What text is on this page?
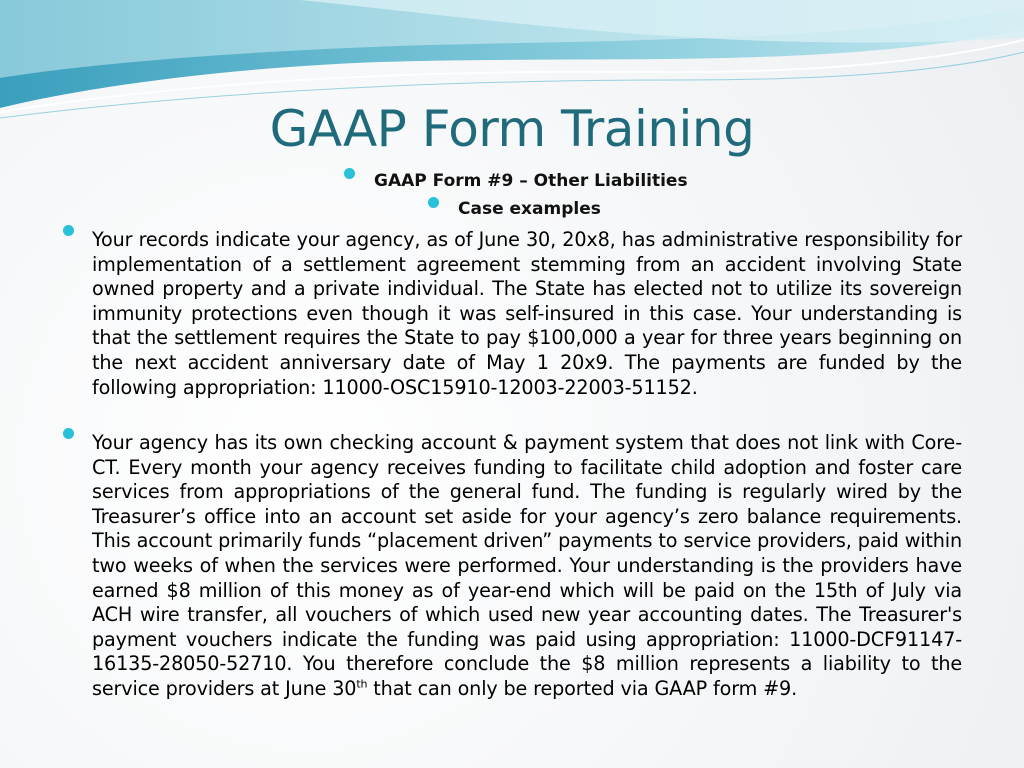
GAAP Form Training
GAAP Form #9 – Other Liabilities
Case examples
Your records indicate your agency, as of June 30, 20x8, has administrative responsibility for implementation of a settlement agreement stemming from an accident involving State owned property and a private individual. The State has elected not to utilize its sovereign immunity protections even though it was self-insured in this case. Your understanding is that the settlement requires the State to pay $100,000 a year for three years beginning on the next accident anniversary date of May 1 20x9. The payments are funded by the following appropriation: 11000-OSC15910-12003-22003-51152.
Your agency has its own checking account & payment system that does not link with Core-CT. Every month your agency receives funding to facilitate child adoption and foster care services from appropriations of the general fund. The funding is regularly wired by the Treasurer’s office into an account set aside for your agency’s zero balance requirements. This account primarily funds “placement driven” payments to service providers, paid within two weeks of when the services were performed. Your understanding is the providers have earned $8 million of this money as of year-end which will be paid on the 15th of July via ACH wire transfer, all vouchers of which used new year accounting dates. The Treasurer's payment vouchers indicate the funding was paid using appropriation: 11000-DCF91147-16135-28050-52710. You therefore conclude the $8 million represents a liability to the service providers at June 30th that can only be reported via GAAP form #9.
